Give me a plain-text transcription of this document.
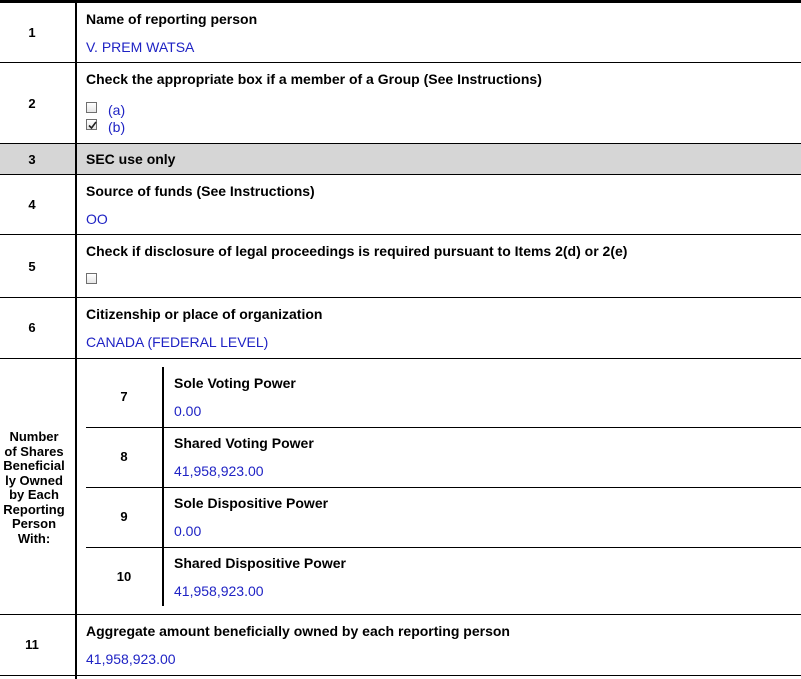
1
Name of reporting person
V. PREM WATSA
2
Check the appropriate box if a member of a Group (See Instructions)
(a)
(b)
3	SEC use only
4
Source of funds (See Instructions)
OO
5
Check if disclosure of legal proceedings is required pursuant to Items 2(d) or 2(e)
6
Citizenship or place of organization
CANADA (FEDERAL LEVEL)
Number
of Shares
Beneficial
ly Owned
by Each
Reporting
Person
With:
7
Sole Voting Power
0.00
8
Shared Voting Power
41,958,923.00
9
Sole Dispositive Power
0.00
10
Shared Dispositive Power
41,958,923.00
11
Aggregate amount beneficially owned by each reporting person
41,958,923.00
